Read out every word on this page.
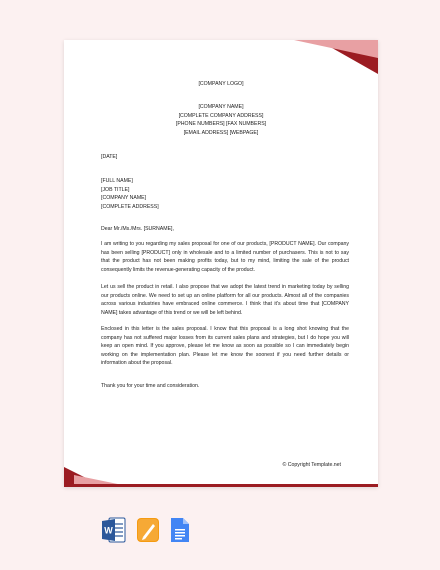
[COMPANY LOGO]
[COMPANY NAME]
[COMPLETE COMPANY ADDRESS]
[PHONE NUMBERS] [FAX NUMBERS]
[EMAIL ADDRESS] [WEBPAGE]
[DATE]
[FULL NAME]
[JOB TITLE]
[COMPANY NAME]
[COMPLETE ADDRESS]
Dear Mr./Ms./Mrs. [SURNAME],
I am writing to you regarding my sales proposal for one of our products, [PRODUCT NAME]. Our company has been selling [PRODUCT] only in wholesale and to a limited number of purchasers. This is not to say that the product has not been making profits today, but to my mind, limiting the sale of the product consequently limits the revenue-generating capacity of the product.
Let us sell the product in retail. I also propose that we adopt the latest trend in marketing today by selling our products online. We need to set up an online platform for all our products. Almost all of the companies across various industries have embraced online commerce. I think that it's about time that [COMPANY NAME] takes advantage of this trend or we will be left behind.
Enclosed in this letter is the sales proposal. I know that this proposal is a long shot knowing that the company has not suffered major losses from its current sales plans and strategies, but I do hope you will keep an open mind. If you approve, please let me know as soon as possible so I can immediately begin working on the implementation plan. Please let me know the soonest if you need further details or information about the proposal.
Thank you for your time and consideration.
© Copyright Template.net
W
